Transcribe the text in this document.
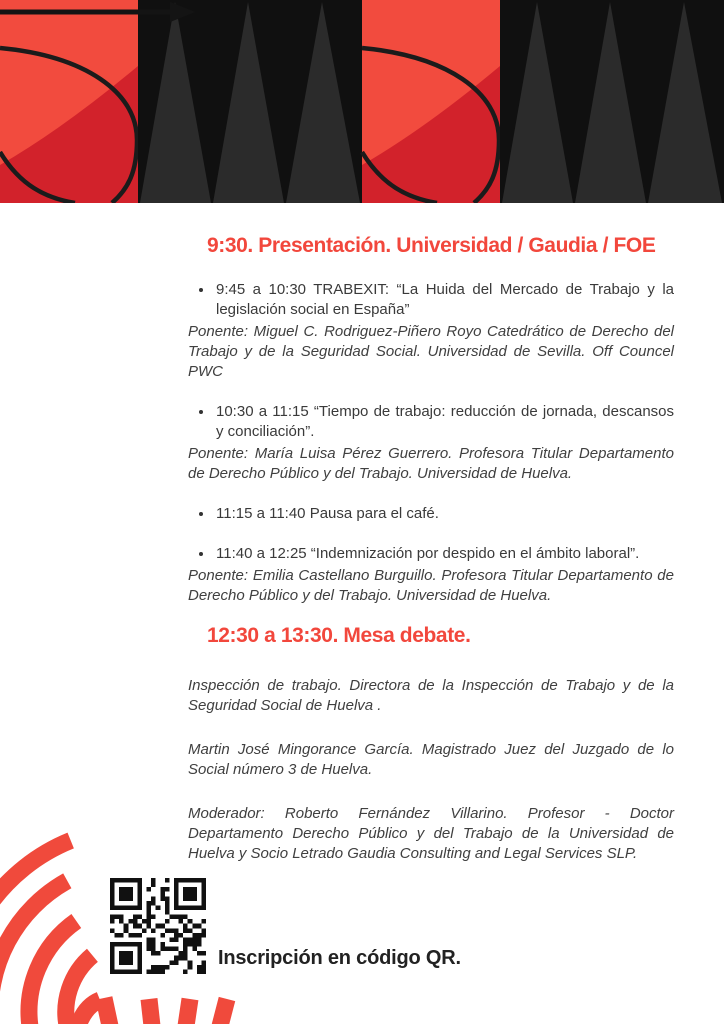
9:30. Presentación. Universidad / Gaudia / FOE
9:45 a 10:30 TRABEXIT: “La Huida del Mercado de Trabajo y la legislación social en España”
Ponente: Miguel C. Rodriguez-Piñero Royo Catedrático de Derecho del Trabajo y de la Seguridad Social. Universidad de Sevilla. Off Councel PWC
10:30 a 11:15 “Tiempo de trabajo: reducción de jornada, descansos y conciliación”.
Ponente: María Luisa Pérez Guerrero. Profesora Titular Departamento de Derecho Público y del Trabajo. Universidad de Huelva.
11:15 a 11:40 Pausa para el café.
11:40 a 12:25 “Indemnización por despido en el ámbito laboral”.
Ponente: Emilia Castellano Burguillo. Profesora Titular Departamento de Derecho Público y del Trabajo. Universidad de Huelva.
12:30 a 13:30. Mesa debate.

Inspección de trabajo. Directora de la Inspección de Trabajo y de la Seguridad Social de Huelva .

Martin José Mingorance García. Magistrado Juez del Juzgado de lo Social número 3 de Huelva.

Moderador: Roberto Fernández Villarino. Profesor - Doctor Departamento Derecho Público y del Trabajo de la Universidad de Huelva y Socio Letrado Gaudia Consulting and Legal Services SLP.

Inscripción en código QR.
